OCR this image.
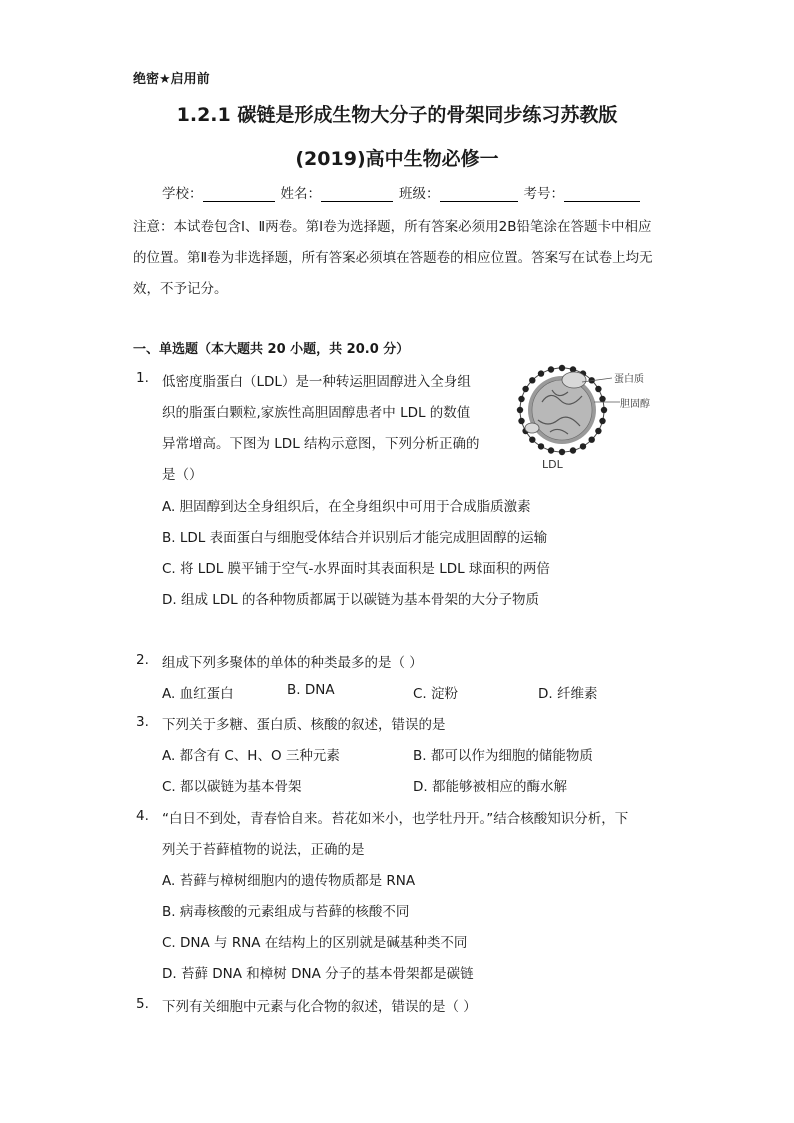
绝密★启用前
1.2.1 碳链是形成生物大分子的骨架同步练习苏教版
(2019)高中生物必修一
学校：	姓名：	班级：	考号：
注意：本试卷包含Ⅰ、Ⅱ两卷。第Ⅰ卷为选择题，所有答案必须用2B铅笔涂在答题卡中相应的位置。第Ⅱ卷为非选择题，所有答案必须填在答题卷的相应位置。答案写在试卷上均无效，不予记分。
一、单选题（本大题共 20 小题，共 20.0 分）
1. 低密度脂蛋白（LDL）是一种转运胆固醇进入全身组织的脂蛋白颗粒,家族性高胆固醇患者中 LDL 的数值异常增高。下图为 LDL 结构示意图，下列分析正确的是（）
蛋白质
胆固醇
LDL
A. 胆固醇到达全身组织后，在全身组织中可用于合成脂质激素
B. LDL 表面蛋白与细胞受体结合并识别后才能完成胆固醇的运输
C. 将 LDL 膜平铺于空气-水界面时其表面积是 LDL 球面积的两倍
D. 组成 LDL 的各种物质都属于以碳链为基本骨架的大分子物质
2. 组成下列多聚体的单体的种类最多的是（ ）
A. 血红蛋白	B. DNA	C. 淀粉	D. 纤维素
3. 下列关于多糖、蛋白质、核酸的叙述，错误的是
A. 都含有 C、H、O 三种元素	B. 都可以作为细胞的储能物质
C. 都以碳链为基本骨架	D. 都能够被相应的酶水解
4. “白日不到处，青春恰自来。苔花如米小，也学牡丹开。”结合核酸知识分析，下
列关于苔藓植物的说法，正确的是
A. 苔藓与樟树细胞内的遗传物质都是 RNA
B. 病毒核酸的元素组成与苔藓的核酸不同
C. DNA 与 RNA 在结构上的区别就是碱基种类不同
D. 苔藓 DNA 和樟树 DNA 分子的基本骨架都是碳链
5. 下列有关细胞中元素与化合物的叙述，错误的是（ ）
